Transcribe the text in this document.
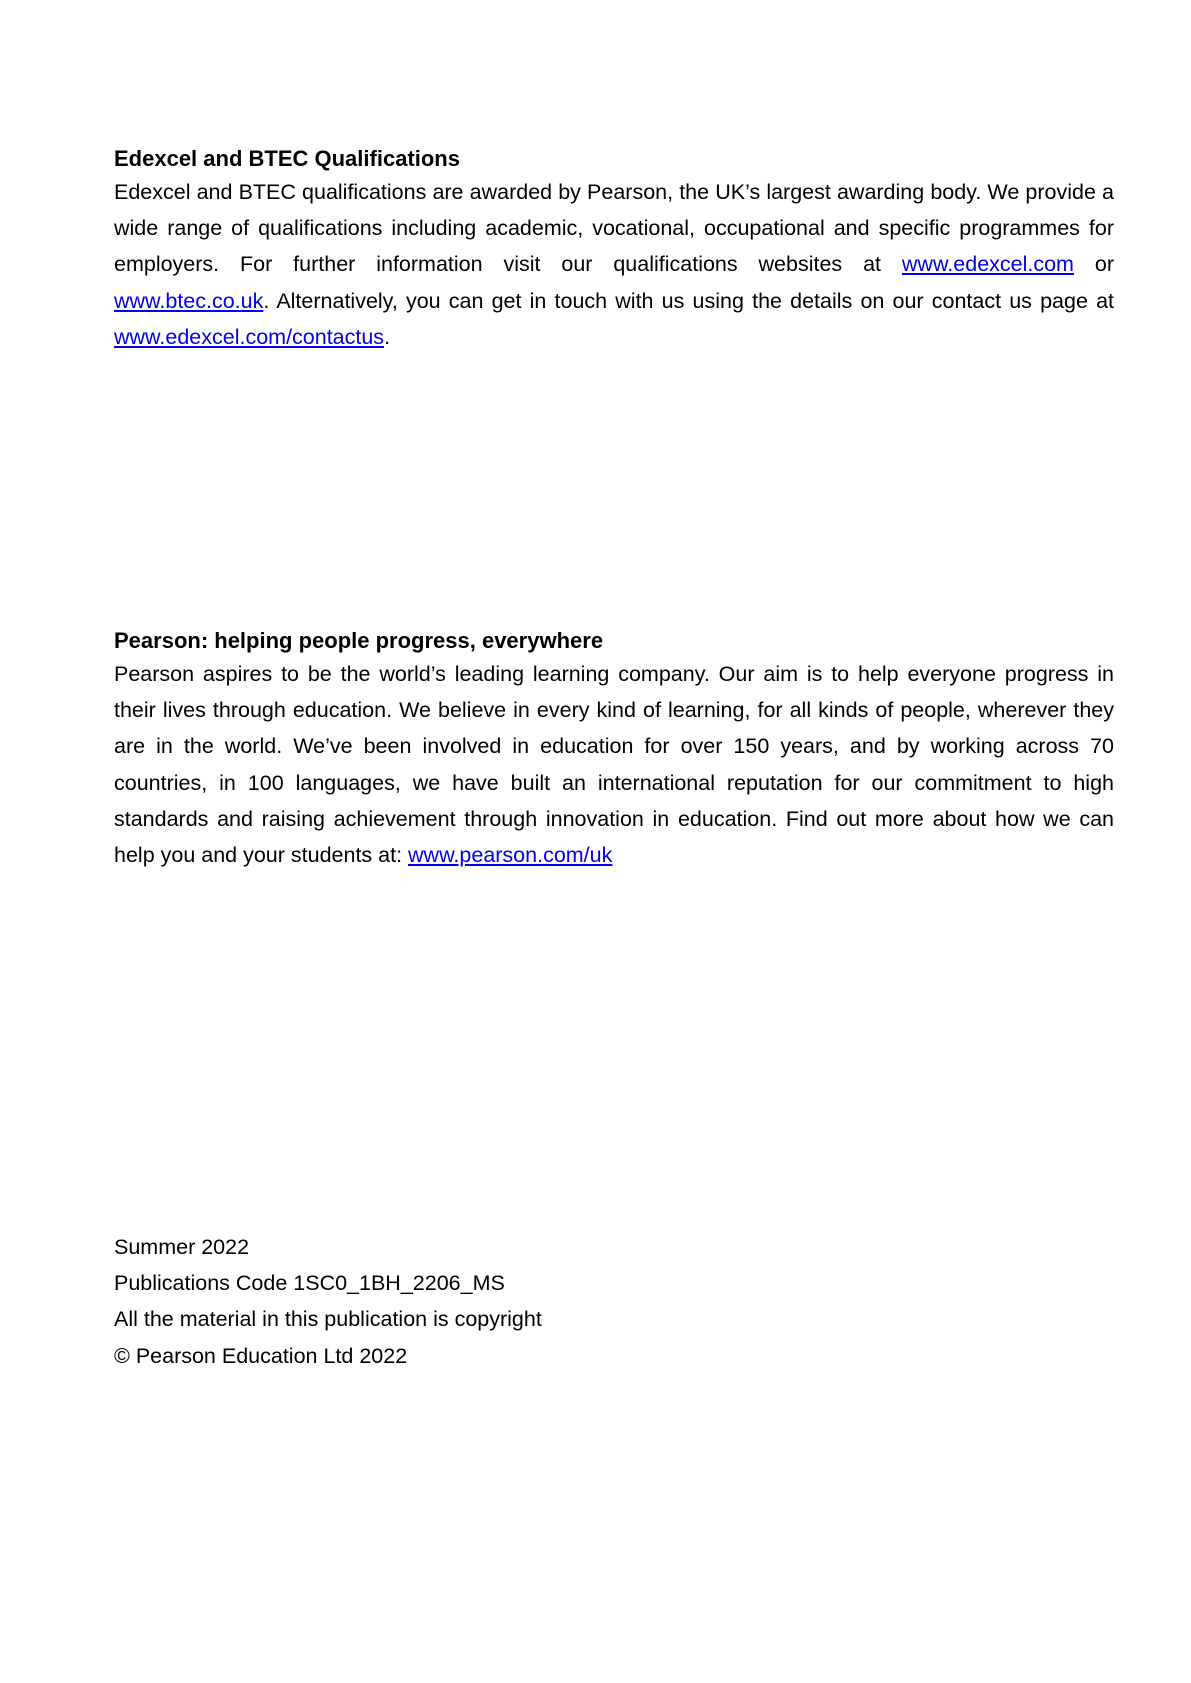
Edexcel and BTEC Qualifications

Edexcel and BTEC qualifications are awarded by Pearson, the UK’s largest awarding body. We provide a wide range of qualifications including academic, vocational, occupational and specific programmes for employers. For further information visit our qualifications websites at www.edexcel.com or www.btec.co.uk. Alternatively, you can get in touch with us using the details on our contact us page at www.edexcel.com/contactus.

Pearson: helping people progress, everywhere

Pearson aspires to be the world’s leading learning company. Our aim is to help everyone progress in their lives through education. We believe in every kind of learning, for all kinds of people, wherever they are in the world. We’ve been involved in education for over 150 years, and by working across 70 countries, in 100 languages, we have built an international reputation for our commitment to high standards and raising achievement through innovation in education. Find out more about how we can help you and your students at: www.pearson.com/uk

Summer 2022

Publications Code 1SC0_1BH_2206_MS

All the material in this publication is copyright

© Pearson Education Ltd 2022
